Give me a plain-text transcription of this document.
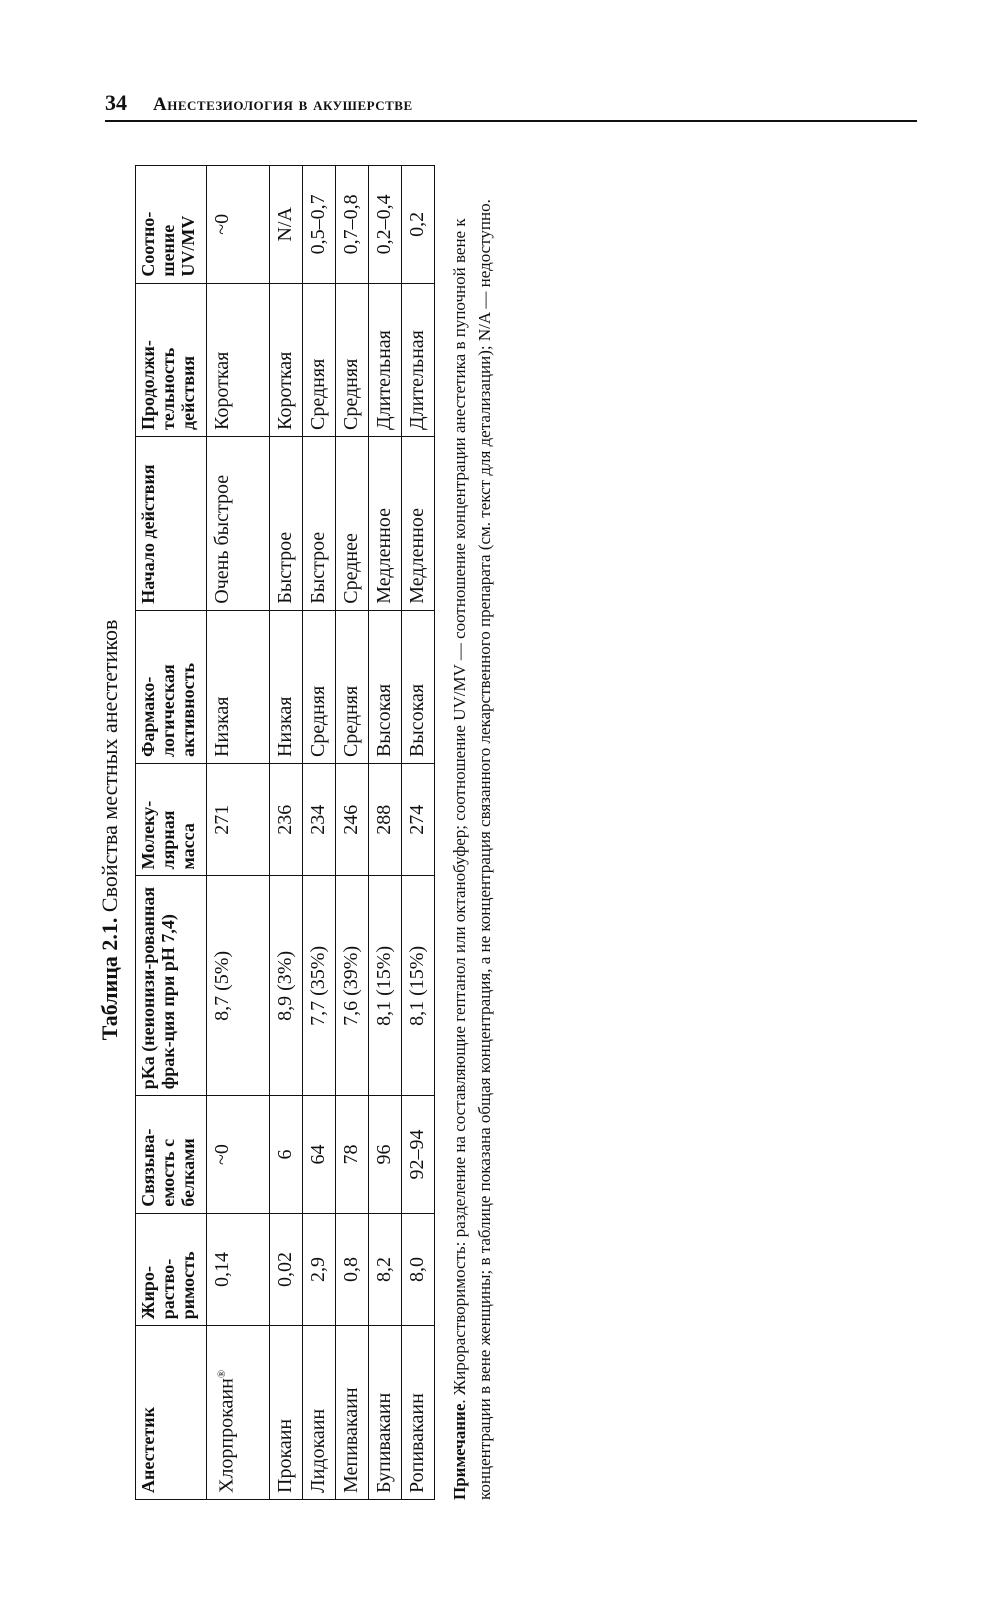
34 Анестезиология в акушерстве
Таблица 2.1. Свойства местных анестетиков
Анестетик	Жиро-раство-римость	Связыва-емость с белками	pKa (неионизи-рованная фрак-ция при pH 7,4)	Молеку-лярная масса	Фармако-логическая активность	Начало действия	Продолжи-тельность действия	Соотно-шение UV/MV
Хлорпрокаин®	0,14	~0	8,7 (5%)	271	Низкая	Очень быстрое	Короткая	~0
Прокаин	0,02	6	8,9 (3%)	236	Низкая	Быстрое	Короткая	N/A
Лидокаин	2,9	64	7,7 (35%)	234	Средняя	Быстрое	Средняя	0,5–0,7
Мепивакаин	0,8	78	7,6 (39%)	246	Средняя	Среднее	Средняя	0,7–0,8
Бупивакаин	8,2	96	8,1 (15%)	288	Высокая	Медленное	Длительная	0,2–0,4
Ропивакаин	8,0	92–94	8,1 (15%)	274	Высокая	Медленное	Длительная	0,2
Примечание. Жирорастворимость: разделение на составляющие гептанол или октанобуфер; соотношение UV/MV — соотношение концентрации анестетика в пупочной вене к концентрации в вене женщины; в таблице показана общая концентрация, а не концентрация связанного лекарственного препарата (см. текст для детализации); N/A — недоступно.
